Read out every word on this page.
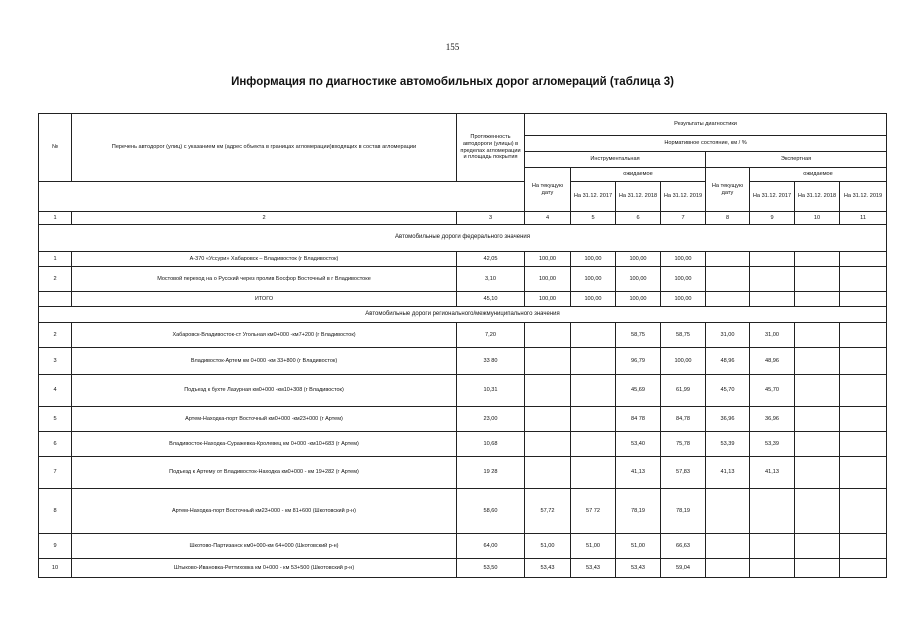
155
Информация по диагностике автомобильных дорог агломераций (таблица 3)
№	Перечень автодорог (улиц) с указанием км (адрес объекта в границах агломерации)входящих в состав агломерации	Протяженность автодороги (улицы) в пределах агломерации и площадь покрытия	Результаты диагностики							
			Нормативное состояние, км / %							
			Инструментальная				Экспертная			
			На текущую дату	ожидаемое			На текущую дату	ожидаемое		
				На 31.12. 2017	На 31.12. 2018	На 31.12. 2019		На 31.12. 2017	На 31.12. 2018	На 31.12. 2019
1	2	3	4	5	6	7	8	9	10	11
Автомобильные дороги федерального значения										
1	А-370 «Уссури» Хабаровск – Владивосток (г Владивосток)	42,05	100,00	100,00	100,00	100,00				
2	Мостовой переход на о Русский через пролив Босфор Восточный в г Владивостоке	3,10	100,00	100,00	100,00	100,00				
	ИТОГО	45,10	100,00	100,00	100,00	100,00				
Автомобильные дороги регионального/межмуниципального значения										
2	Хабаровск-Владивосток-ст Угольная км0+000 -км7+200 (г Владивосток)	7,20			58,75	58,75	31,00	31,00		
3	Владивосток-Артем км 0+000 -км 33+800 (г Владивосток)	33 80			96,79	100,00	48,96	48,96		
4	Подъезд к бухте Лазурная км0+000 -км10+308 (г Владивосток)	10,31			45,69	61,99	45,70	45,70		
5	Артем-Находка-порт Восточный км0+000 -км23+000 (г Артем)	23,00			84 78	84,78	36,96	36,96		
6	Владивосток-Находка-Суражевка-Кролевец км 0+000 -км10+683 (г Артем)	10,68			53,40	75,78	53,39	53,39		
7	Подъезд к Артему от Владивосток-Находка км0+000 - км 19+282 (г Артем)	19 28			41,13	57,83	41,13	41,13		
8	Артем-Находка-порт Восточный км23+000 - км 81+600 (Шкотовский р-н)	58,60	57,72	57 72	78,19	78,19				
9	Шкотово-Партизанск км0+000-км 64+000 (Шкотовский р-н)	64,00	51,00	51,00	51,00	66,63				
10	Штыково-Ивановка-Реттиховка км 0+000 - км 53+500 (Шкотовский р-н)	53,50	53,43	53,43	53,43	59,04				
